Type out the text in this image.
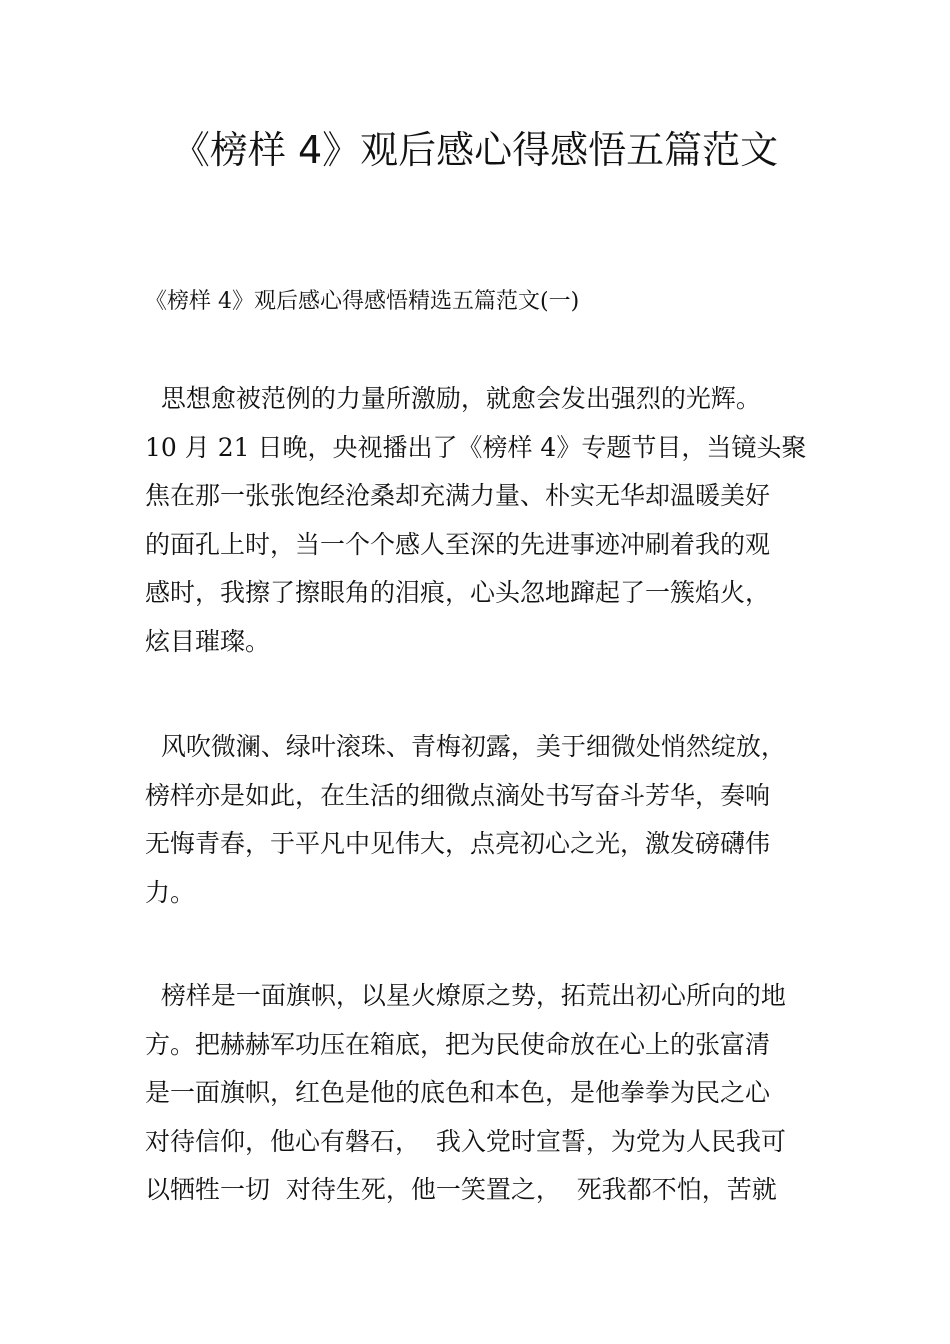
《榜样 4》观后感心得感悟五篇范文

《榜样 4》观后感心得感悟精选五篇范文(一)

思想愈被范例的力量所激励，就愈会发出强烈的光辉。
10 月 21 日晚，央视播出了《榜样 4》专题节目，当镜头聚
焦在那一张张饱经沧桑却充满力量、朴实无华却温暖美好
的面孔上时，当一个个感人至深的先进事迹冲刷着我的观
感时，我擦了擦眼角的泪痕，心头忽地蹿起了一簇焰火，
炫目璀璨。
风吹微澜、绿叶滚珠、青梅初露，美于细微处悄然绽放，
榜样亦是如此，在生活的细微点滴处书写奋斗芳华，奏响
无悔青春，于平凡中见伟大，点亮初心之光，激发磅礴伟
力。
榜样是一面旗帜，以星火燎原之势，拓荒出初心所向的地
方。把赫赫军功压在箱底，把为民使命放在心上的张富清
是一面旗帜，红色是他的底色和本色，是他拳拳为民之心
对待信仰，他心有磐石，  我入党时宣誓，为党为人民我可
以牺牲一切  对待生死，他一笑置之，  死我都不怕，苦就
